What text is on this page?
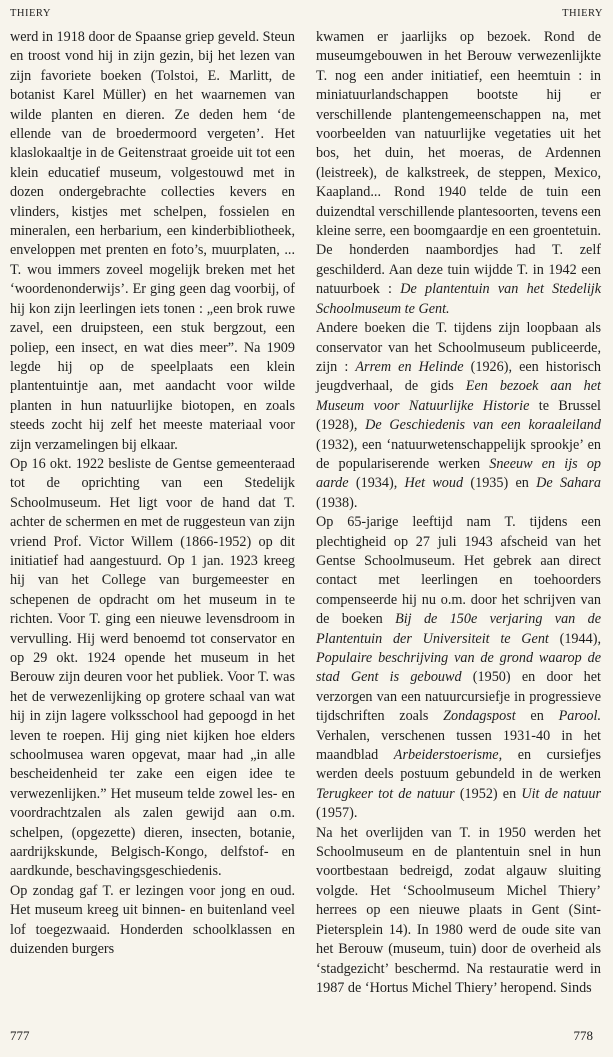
THIERY	THIERY

werd in 1918 door de Spaanse griep geveld. Steun en troost vond hij in zijn gezin, bij het lezen van zijn favoriete boeken (Tolstoi, E. Marlitt, de botanist Karel Müller) en het waarnemen van wilde planten en dieren. Ze deden hem ‘de ellende van de broedermoord vergeten’. Het klaslokaaltje in de Geitenstraat groeide uit tot een klein educatief museum, volgestouwd met in dozen ondergebrachte collecties kevers en vlinders, kistjes met schelpen, fossielen en mineralen, een herbarium, een kinderbibliotheek, enveloppen met prenten en foto’s, muurplaten, ... T. wou immers zoveel mogelijk breken met het ‘woordenonderwijs’. Er ging geen dag voorbij, of hij kon zijn leerlingen iets tonen : „een brok ruwe zavel, een druipsteen, een stuk bergzout, een poliep, een insect, en wat dies meer”. Na 1909 legde hij op de speelplaats een klein plantentuintje aan, met aandacht voor wilde planten in hun natuurlijke biotopen, en zoals steeds zocht hij zelf het meeste materiaal voor zijn verzamelingen bij elkaar.

Op 16 okt. 1922 besliste de Gentse gemeenteraad tot de oprichting van een Stedelijk Schoolmuseum. Het ligt voor de hand dat T. achter de schermen en met de ruggesteun van zijn vriend Prof. Victor Willem (1866-1952) op dit initiatief had aangestuurd. Op 1 jan. 1923 kreeg hij van het College van burgemeester en schepenen de opdracht om het museum in te richten. Voor T. ging een nieuwe levensdroom in vervulling. Hij werd benoemd tot conservator en op 29 okt. 1924 opende het museum in het Berouw zijn deuren voor het publiek. Voor T. was het de verwezenlijking op grotere schaal van wat hij in zijn lagere volksschool had gepoogd in het leven te roepen. Hij ging niet kijken hoe elders schoolmusea waren opgevat, maar had „in alle bescheidenheid ter zake een eigen idee te verwezenlijken.” Het museum telde zowel les- en voordrachtzalen als zalen gewijd aan o.m. schelpen, (opgezette) dieren, insecten, botanie, aardrijkskunde, Belgisch-Kongo, delfstof- en aardkunde, beschavingsgeschiedenis.

Op zondag gaf T. er lezingen voor jong en oud. Het museum kreeg uit binnen- en buitenland veel lof toegezwaaid. Honderden schoolklassen en duizenden burgers

kwamen er jaarlijks op bezoek. Rond de museumgebouwen in het Berouw verwezenlijkte T. nog een ander initiatief, een heemtuin : in miniatuurlandschappen bootste hij er verschillende plantengemeenschappen na, met voorbeelden van natuurlijke vegetaties uit het bos, het duin, het moeras, de Ardennen (leistreek), de kalkstreek, de steppen, Mexico, Kaapland... Rond 1940 telde de tuin een duizendtal verschillende plantesoorten, tevens een kleine serre, een boomgaardje en een groentetuin. De honderden naambordjes had T. zelf geschilderd. Aan deze tuin wijdde T. in 1942 een natuurboek : De plantentuin van het Stedelijk Schoolmuseum te Gent.

Andere boeken die T. tijdens zijn loopbaan als conservator van het Schoolmuseum publiceerde, zijn : Arrem en Helinde (1926), een historisch jeugdverhaal, de gids Een bezoek aan het Museum voor Natuurlijke Historie te Brussel (1928), De Geschiedenis van een koraaleiland (1932), een ‘natuurwetenschappelijk sprookje’ en de populariserende werken Sneeuw en ijs op aarde (1934), Het woud (1935) en De Sahara (1938).

Op 65-jarige leeftijd nam T. tijdens een plechtigheid op 27 juli 1943 afscheid van het Gentse Schoolmuseum. Het gebrek aan direct contact met leerlingen en toehoorders compenseerde hij nu o.m. door het schrijven van de boeken Bij de 150e verjaring van de Plantentuin der Universiteit te Gent (1944), Populaire beschrijving van de grond waarop de stad Gent is gebouwd (1950) en door het verzorgen van een natuurcursiefje in progressieve tijdschriften zoals Zondagspost en Parool. Verhalen, verschenen tussen 1931-40 in het maandblad Arbeiderstoerisme, en cursiefjes werden deels postuum gebundeld in de werken Terugkeer tot de natuur (1952) en Uit de natuur (1957).

Na het overlijden van T. in 1950 werden het Schoolmuseum en de plantentuin snel in hun voortbestaan bedreigd, zodat algauw sluiting volgde. Het ‘Schoolmuseum Michel Thiery’ herrees op een nieuwe plaats in Gent (Sint-Pietersplein 14). In 1980 werd de oude site van het Berouw (museum, tuin) door de overheid als ‘stadgezicht’ beschermd. Na restauratie werd in 1987 de ‘Hortus Michel Thiery’ heropend. Sinds

777	778
